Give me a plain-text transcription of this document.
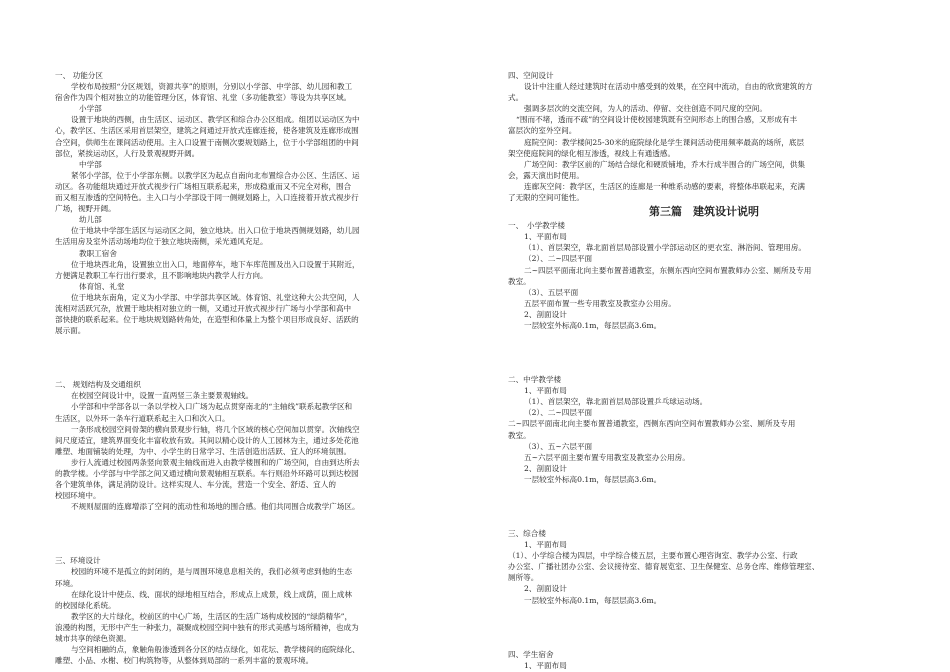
一、 功能分区

学校布局按照“分区规划，资源共享”的原则，分别以小学部、中学部、幼儿园和教工

宿舍作为四个相对独立的功能管理分区，体育馆、礼堂（多功能教室）等设为共享区域。

小学部

设置于地块的西侧，由生活区、运动区、教学区和综合办公区组成。组团以运动区为中

心，教学区、生活区采用首层架空，建筑之间通过开放式连廊连接，使各建筑及连廊形成围

合空间，供师生在课间活动使用。主入口设置于南侧次要规划路上，位于小学部组团的中间

部位，紧挨运动区，人行及景观视野开阔。

中学部

紧邻小学部，位于小学部东侧。以教学区为起点自南向北布置综合办公区、生活区、运

动区。各功能组块通过开放式视步行广场相互联系起来，形成稳重而又不完全对称，围合

而又相互渗透的空间特色。主入口与小学部设于同一侧规划路上，入口连接着开放式视步行

广场，视野开阔。

幼儿部

位于地块中学部生活区与运动区之间，独立地块。出入口位于地块西侧规划路，幼儿园

生活用房及室外活动场地均位于独立地块南侧，采光通风充足。

教职工宿舍

位于地块西北角，设置独立出入口，地面停车，地下车库范围及出入口设置于其附近，

方便满足教职工车行出行要求，且不影响地块内教学人行方向。

体育馆、礼堂

位于地块东南角，定义为小学部、中学部共享区域。体育馆、礼堂这种大公共空间，人

流相对活跃冗杂，放置于地块相对独立的一侧，又通过开放式视步行广场与小学部和高中

部快捷的联系起来。位于地块规划路转角处，在造型和体量上为整个项目形成良好、活跃的

展示面。

二、 规划结构及交通组织

在校园空间设计中，设置一直两竖三条主要景观轴线。

小学部和中学部各以一条以学校入口广场为起点贯穿南北的“主轴线”联系起教学区和

生活区，以外环一条车行道联系起主入口和次入口。

一条形成校园空间骨架的横向景观步行轴，将几个区域的核心空间加以贯穿。次轴线空

间尺度适宜，建筑界面变化丰富收放有致。其间以精心设计的人工园林为主，通过多处花池

雕塑、地面铺装的处理，为中、小学生的日常学习、生活创造出活跃、宜人的环境氛围。

步行人流通过校园两条竖向景观主轴线而进入由教学楼围和的广场空间，自由到达所去

的教学楼。小学部与中学部之间又通过横向景观轴相互联系。车行则沿外环路可以到达校园

各个建筑单体，满足消防设计。这样实现人、车分流，营造一个安全、舒适、宜人的

校园环境中。

不规则屋面的连廊增添了空间的流动性和场地的围合感。他们共同围合成教学广场区。

三、环境设计

校园的环境不是孤立的封闭的，是与周围环境息息相关的，我们必须考虑到他的生态

环境。

在绿化设计中使点、线、面状的绿地相互结合，形成点上成景，线上成荫，面上成林

的校园绿化系统。

教学区的大片绿化，校前区的中心广场，生活区的生活广场构成校园的“绿荫精华”，

浪漫的构图，无形中产生一种张力，凝聚成校园空间中独有的形式美感与场所精神，也成为

城市共享的绿色资源。

与空间相融的点，象触角般渗透到各分区的结点绿化，如花坛、教学楼间的庭院绿化、

雕塑、小品、水榭、校门构筑物等，从整体到局部的一系列丰富的景观环境。

四、空间设计

设计中注重人经过建筑时在活动中感受到的效果，在空间中流动，自由的欣赏建筑的方

式。

强调多层次的交流空间，为人的活动、停留、交往创造不同尺度的空间。

“围而不堵，透而不疏”的空间设计使校园建筑既有空间形态上的围合感，又形成有丰

富层次的室外空间。

庭院空间：教学楼间25-30米的庭院绿化是学生课间活动使用频率最高的场所，底层

架空使庭院间的绿化相互渗透，视线上有通透感。

广场空间：教学区前的广场结合绿化和硬质铺地，乔木行成半围合的广场空间，供集

会，露天演出时使用。

连廊灰空间：教学区，生活区的连廊是一种维系动感的要素，将整体串联起来，充满

了无限的空间可能性。

第三篇　建筑设计说明

一、　小学教学楼

1、平面布局

（1）、首层架空，靠北面首层局部设置小学部运动区的更衣室、淋浴间、管理用房。

（2）、二~四层平面

二~四层平面南北向主要布置普通教室，东侧东西向空间布置教师办公室、厕所及专用

教室。

（3）、五层平面

五层平面布置一些专用教室及教室办公用房。

2、剖面设计

一层较室外标高0.1m，每层层高3.6m。

二、中学教学楼

1、平面布局

（1）、首层架空，靠北面首层局部设置乒乓球运动场。

（2）、二~四层平面

二~四层平面南北向主要布置普通教室，西侧东西向空间布置教师办公室、厕所及专用

教室。

（3）、五~六层平面

五~六层平面主要布置专用教室及教室办公用房。

2、剖面设计

一层较室外标高0.1m，每层层高3.6m。

三、综合楼

1、平面布局

（1）、小学综合楼为四层，中学综合楼五层，主要布置心理咨询室、教学办公室、行政

办公室、广播社团办公室、会议接待室、德育展览室、卫生保健室、总务仓库、维修管理室、

厕所等。

2、剖面设计

一层较室外标高0.1m，每层层高3.6m。

四、学生宿舍

1、平面布局
